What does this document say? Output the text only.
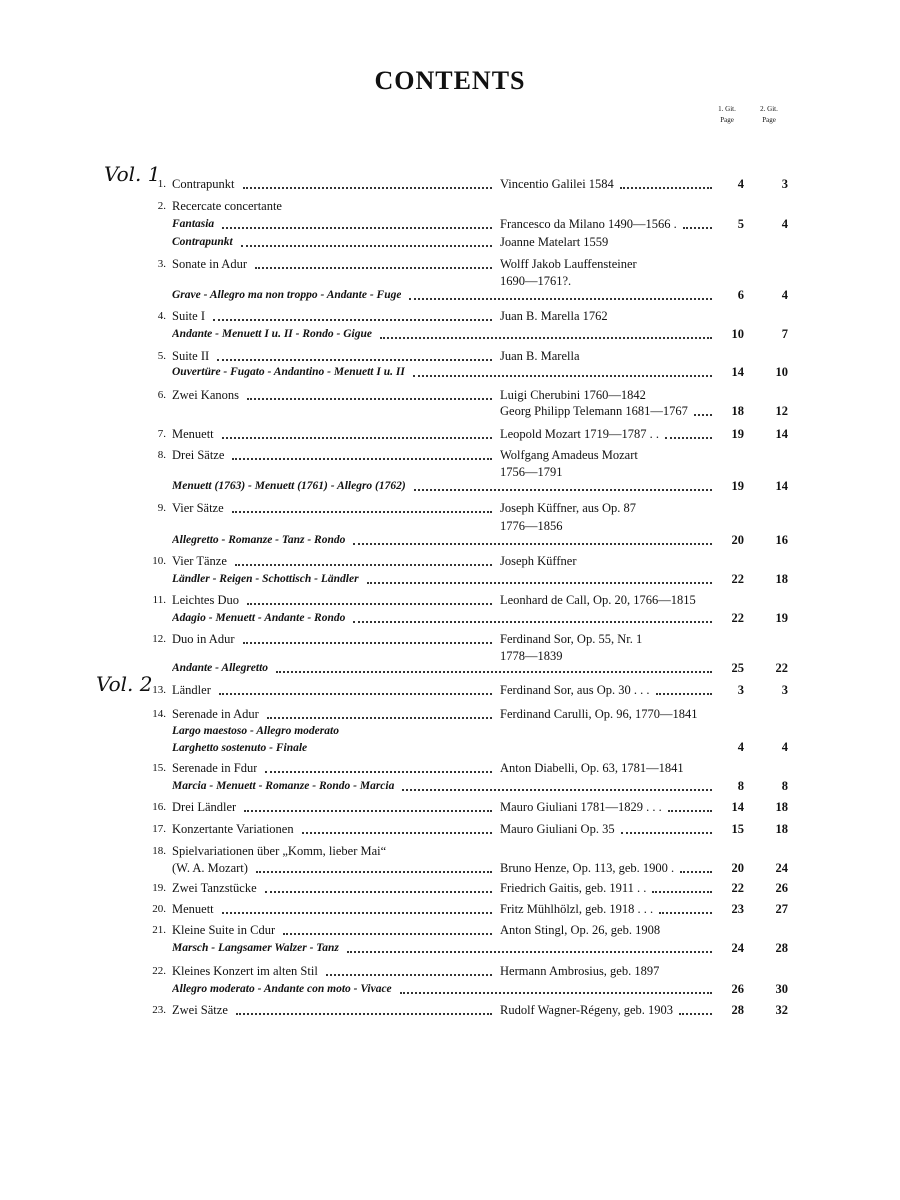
CONTENTS
1. Git.
Page
2. Git.
Page
Vol. 1
Vol. 2
1. Contrapunkt	Vincentio Galilei 1584	4	3
2. Recercate concertante
Fantasia	Francesco da Milano 1490—1566 .	5	4
Contrapunkt	Joanne Matelart 1559
3. Sonate in Adur	Wolff Jakob Lauffensteiner
1690—1761?.
Grave - Allegro ma non troppo - Andante - Fuge	6	4
4. Suite I	Juan B. Marella 1762
Andante - Menuett I u. II - Rondo - Gigue	10	7
5. Suite II	Juan B. Marella
Ouvertüre - Fugato - Andantino - Menuett I u. II	14	10
6. Zwei Kanons	Luigi Cherubini 1760—1842
Georg Philipp Telemann 1681—1767	18	12
7. Menuett	Leopold Mozart 1719—1787 . .	19	14
8. Drei Sätze	Wolfgang Amadeus Mozart
1756—1791
Menuett (1763) - Menuett (1761) - Allegro (1762)	19	14
9. Vier Sätze	Joseph Küffner, aus Op. 87
1776—1856
Allegretto - Romanze - Tanz - Rondo	20	16
10. Vier Tänze	Joseph Küffner
Ländler - Reigen - Schottisch - Ländler	22	18
11. Leichtes Duo	Leonhard de Call, Op. 20, 1766—1815
Adagio - Menuett - Andante - Rondo	22	19
12. Duo in Adur	Ferdinand Sor, Op. 55, Nr. 1
1778—1839
Andante - Allegretto	25	22
13. Ländler	Ferdinand Sor, aus Op. 30 . . .	3	3
14. Serenade in Adur	Ferdinand Carulli, Op. 96, 1770—1841
Largo maestoso - Allegro moderato
Larghetto sostenuto - Finale	4	4
15. Serenade in Fdur	Anton Diabelli, Op. 63, 1781—1841
Marcia - Menuett - Romanze - Rondo - Marcia	8	8
16. Drei Ländler	Mauro Giuliani 1781—1829 . . .	14	18
17. Konzertante Variationen	Mauro Giuliani Op. 35	15	18
18. Spielvariationen über „Komm, lieber Mai“
(W. A. Mozart)	Bruno Henze, Op. 113, geb. 1900 .	20	24
19. Zwei Tanzstücke	Friedrich Gaitis, geb. 1911 . .	22	26
20. Menuett	Fritz Mühlhölzl, geb. 1918 . . .	23	27
21. Kleine Suite in Cdur	Anton Stingl, Op. 26, geb. 1908
Marsch - Langsamer Walzer - Tanz	24	28
22. Kleines Konzert im alten Stil	Hermann Ambrosius, geb. 1897
Allegro moderato - Andante con moto - Vivace	26	30
23. Zwei Sätze	Rudolf Wagner-Régeny, geb. 1903	28	32
